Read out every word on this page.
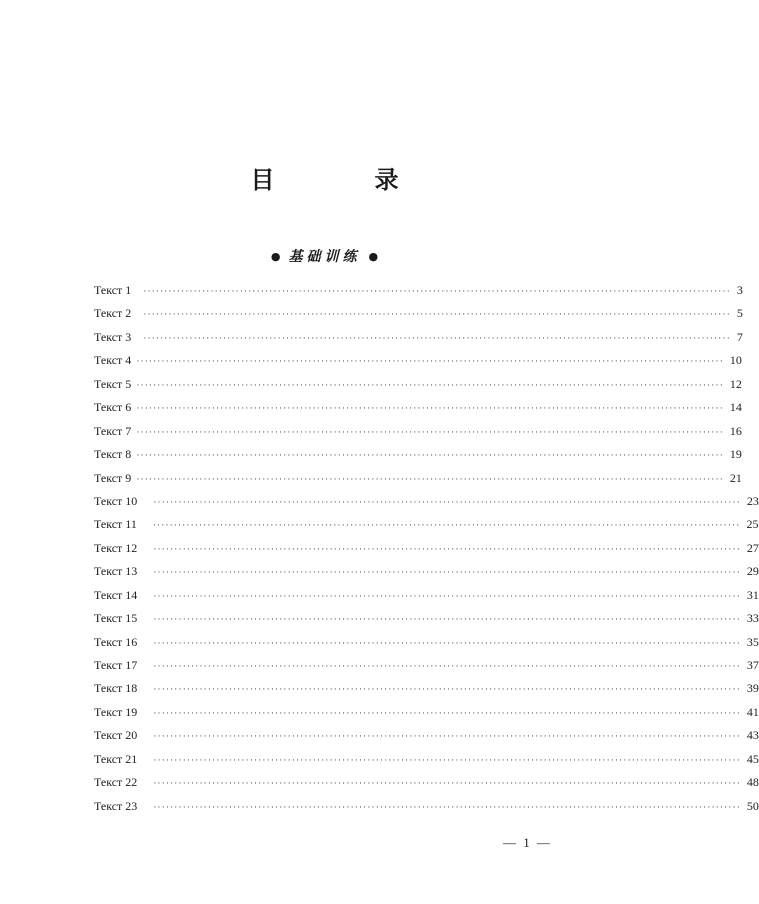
目　录
● 基础训练 ●
Текст 1 ············································································································································ 3
Текст 2 ············································································································································ 5
Текст 3 ············································································································································ 7
Текст 4 ············································································································································ 10
Текст 5 ············································································································································ 12
Текст 6 ············································································································································ 14
Текст 7 ············································································································································ 16
Текст 8 ············································································································································ 19
Текст 9 ············································································································································ 21
Текст 10 ············································································································································ 23
Текст 11 ············································································································································ 25
Текст 12 ············································································································································ 27
Текст 13 ············································································································································ 29
Текст 14 ············································································································································ 31
Текст 15 ············································································································································ 33
Текст 16 ············································································································································ 35
Текст 17 ············································································································································ 37
Текст 18 ············································································································································ 39
Текст 19 ············································································································································ 41
Текст 20 ············································································································································ 43
Текст 21 ············································································································································ 45
Текст 22 ············································································································································ 48
Текст 23 ············································································································································ 50
— 1 —
